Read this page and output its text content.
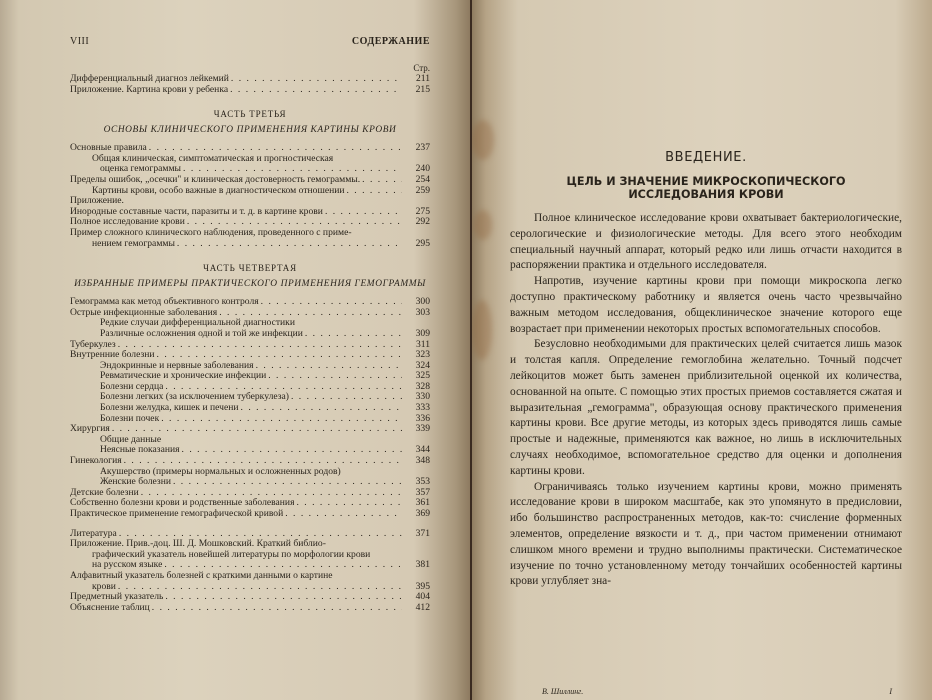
VIII	СОДЕРЖАНИЕ
Стр.
Дифференциальный диагноз лейкемий . . .	211
Приложение. Картина крови у ребенка . . .	215
ЧАСТЬ ТРЕТЬЯ
ОСНОВЫ КЛИНИЧЕСКОГО ПРИМЕНЕНИЯ КАРТИНЫ КРОВИ
Основные правила . . .	237
Общая клиническая, симптоматическая и прогностическая
оценка гемограммы . . .	240
Пределы ошибок, „осечки" и клиническая достоверность гемограммы. . . .	254
Картины крови, особо важные в диагностическом отношении . . .	259
Приложение.
Инородные составные части, паразиты и т. д. в картине крови . . .	275
Полное исследование крови . . .	292
Пример сложного клинического наблюдения, проведенного с приме-
нением гемограммы . . .	295
ЧАСТЬ ЧЕТВЕРТАЯ
ИЗБРАННЫЕ ПРИМЕРЫ ПРАКТИЧЕСКОГО ПРИМЕНЕНИЯ ГЕМОГРАММЫ
Гемограмма как метод объективного контроля . . .	300
Острые инфекционные заболевания . . .	303
Редкие случаи дифференциальной диагностики
Различные осложнения одной и той же инфекции . . .	309
Туберкулез . . .	311
Внутренние болезни . . .	323
Эндокринные и нервные заболевания . . .	324
Ревматические и хронические инфекции . . .	325
Болезни сердца . . .	328
Болезни легких (за исключением туберкулеза) . . .	330
Болезни желудка, кишек и печени . . .	333
Болезни почек . . .	336
Хирургия . . .	339
Общие данные
Неясные показания . . .	344
Гинекология . . .	348
Акушерство (примеры нормальных и осложненных родов)
Женские болезни . . .	353
Детские болезни . . .	357
Собственно болезни крови и родственные заболевания . . .	361
Практическое применение гемографической кривой . . .	369
Литература . . .	371
Приложение. Прив.-доц. Ш. Д. Мошковский. Краткий библио-
графический указатель новейшей литературы по морфологии крови
на русском языке . . .	381
Алфавитный указатель болезней с краткими данными о картине
крови . . .	395
Предметный указатель . . .	404
Объяснение таблиц . . .	412
ВВЕДЕНИЕ.
ЦЕЛЬ И ЗНАЧЕНИЕ МИКРОСКОПИЧЕСКОГО
ИССЛЕДОВАНИЯ КРОВИ

Полное клиническое исследование крови охватывает бактериологические, серологические и физиологические методы. Для всего этого необходим специальный научный аппарат, который редко или лишь отчасти находится в распоряжении практика и отдельного исследователя.

Напротив, изучение картины крови при помощи микроскопа легко доступно практическому работнику и является очень часто чрезвычайно важным методом исследования, общеклиническое значение которого еще возрастает при применении некоторых простых вспомогательных способов.

Безусловно необходимыми для практических целей считается лишь мазок и толстая капля. Определение гемоглобина желательно. Точный подсчет лейкоцитов может быть заменен приблизительной оценкой их количества, основанной на опыте. С помощью этих простых приемов составляется сжатая и выразительная „гемограмма", образующая основу практического применения картины крови. Все другие методы, из которых здесь приводятся лишь самые простые и надежные, применяются как важное, но лишь в исключительных случаях необходимое, вспомогательное средство для оценки и дополнения картины крови.

Ограничиваясь только изучением картины крови, можно применять исследование крови в широком масштабе, как это упомянуто в предисловии, ибо большинство распространенных методов, как-то: счисление форменных элементов, определение вязкости и т. д., при частом применении отнимают слишком много времени и трудно выполнимы практически. Систематическое изучение по точно установленному методу тончайших особенностей картины крови углубляет зна-

В. Шиллинг.	I
